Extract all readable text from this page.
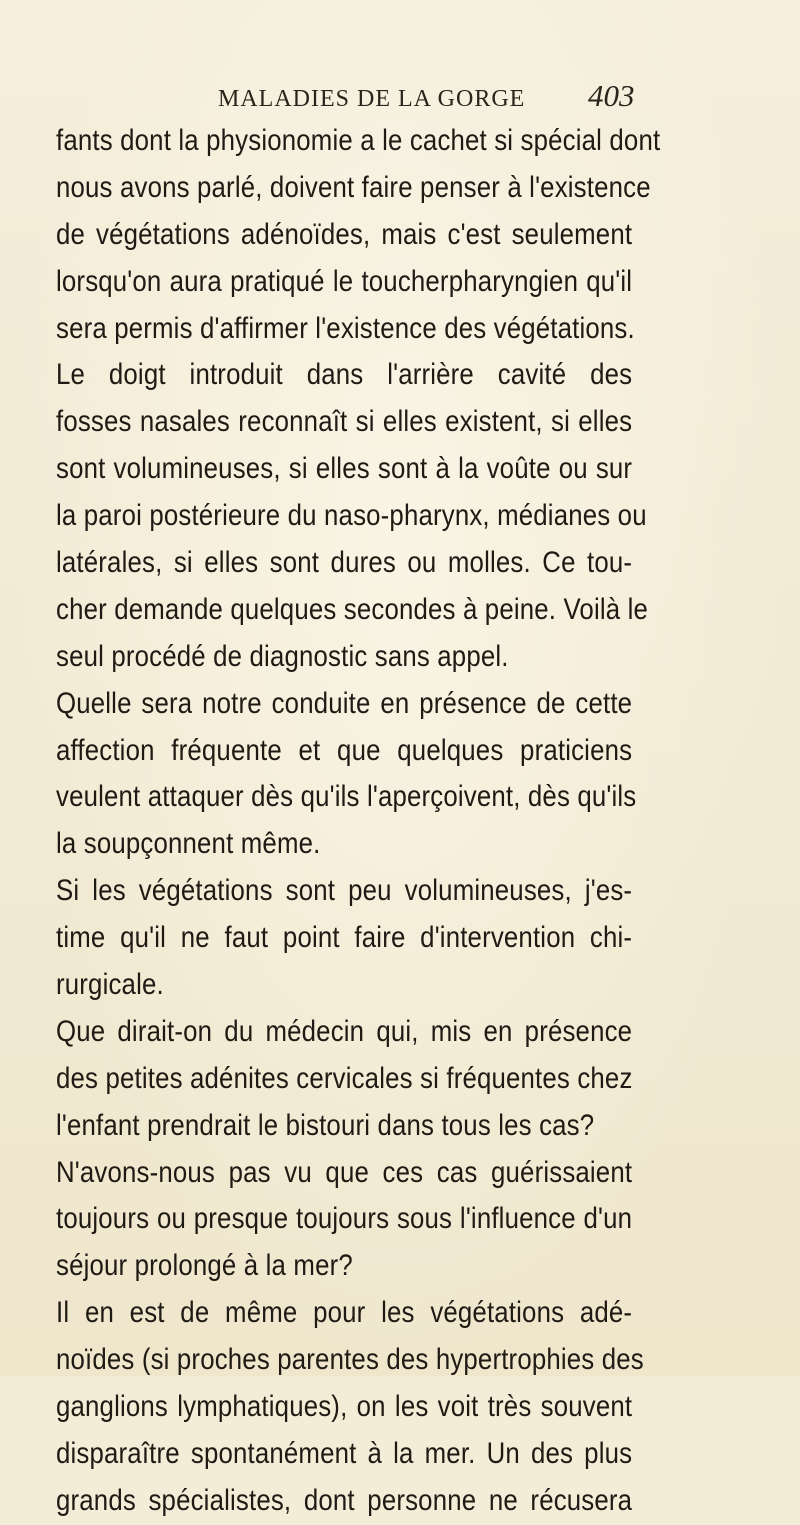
MALADIES DE LA GORGE 403
fants dont la physionomie a le cachet si spécial dont
nous avons parlé, doivent faire penser à l'existence
de végétations adénoïdes, mais c'est seulement
lorsqu'on aura pratiqué le toucherpharyngien qu'il
sera permis d'affirmer l'existence des végétations.
Le doigt introduit dans l'arrière cavité des
fosses nasales reconnaît si elles existent, si elles
sont volumineuses, si elles sont à la voûte ou sur
la paroi postérieure du naso-pharynx, médianes ou
latérales, si elles sont dures ou molles. Ce tou-
cher demande quelques secondes à peine. Voilà le
seul procédé de diagnostic sans appel.
Quelle sera notre conduite en présence de cette
affection fréquente et que quelques praticiens
veulent attaquer dès qu'ils l'aperçoivent, dès qu'ils
la soupçonnent même.
Si les végétations sont peu volumineuses, j'es-
time qu'il ne faut point faire d'intervention chi-
rurgicale.
Que dirait-on du médecin qui, mis en présence
des petites adénites cervicales si fréquentes chez
l'enfant prendrait le bistouri dans tous les cas?
N'avons-nous pas vu que ces cas guérissaient
toujours ou presque toujours sous l'influence d'un
séjour prolongé à la mer?
Il en est de même pour les végétations adé-
noïdes (si proches parentes des hypertrophies des
ganglions lymphatiques), on les voit très souvent
disparaître spontanément à la mer. Un des plus
grands spécialistes, dont personne ne récusera
